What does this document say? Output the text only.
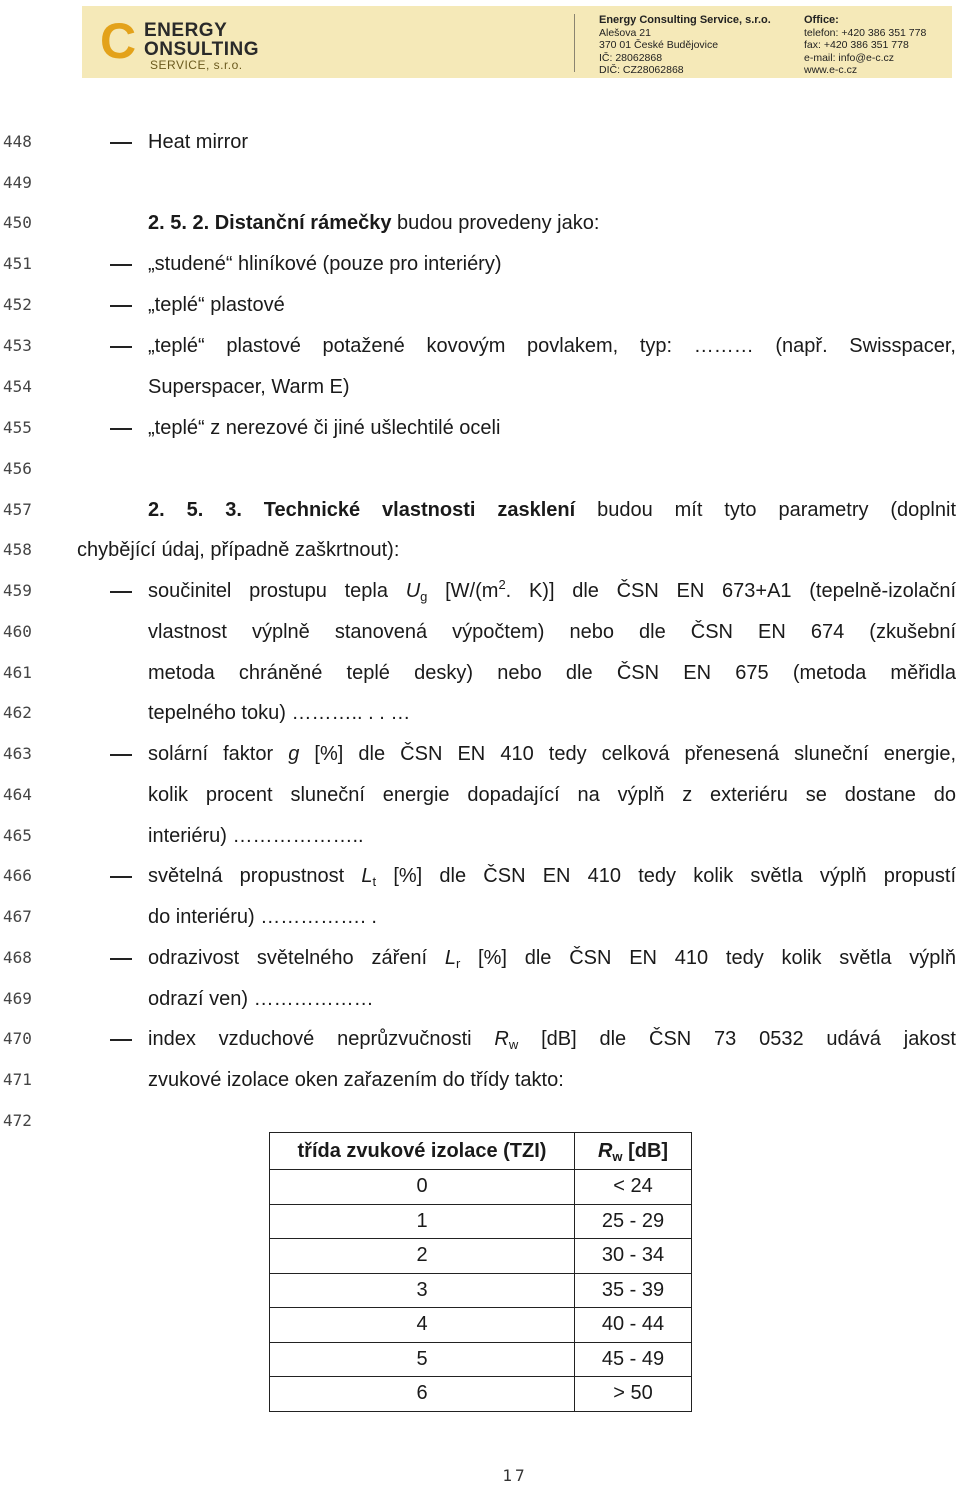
C ENERGY
ONSULTING
SERVICE, s.r.o.
Energy Consulting Service, s.r.o.
Alešova 21
370 01 České Budějovice
IČ: 28062868
DIČ: CZ28062868
Office:
telefon: +420 386 351 778
fax: +420 386 351 778
e-mail: info@e-c.cz
www.e-c.cz
448
449
450
451
452
453
454
455
456
457
458
459
460
461
462
463
464
465
466
467
468
469
470
471
472
Heat mirror
2. 5. 2. Distanční rámečky budou provedeny jako:
„studené“ hliníkové (pouze pro interiéry)
„teplé“ plastové
„teplé“ plastové potažené kovovým povlakem, typ: ……… (např. Swisspacer,
Superspacer, Warm E)
„teplé“ z nerezové či jiné ušlechtilé oceli
2. 5. 3. Technické vlastnosti zasklení budou mít tyto parametry (doplnit
chybějící údaj, případně zaškrtnout):
součinitel prostupu tepla $U_g$ [$W/(m^2$. K)] dle ČSN EN 673+A1 (tepelně-izolační
vlastnost výplně stanovená výpočtem) nebo dle ČSN EN 674 (zkušební
metoda chráněné teplé desky) nebo dle ČSN EN 675 (metoda měřidla
tepelného toku) ……….. . . …
solární faktor g [%] dle ČSN EN 410 tedy celková přenesená sluneční energie,
kolik procent sluneční energie dopadající na výplň z exteriéru se dostane do
interiéru) ………………..
světelná propustnost $L_t$ [%] dle ČSN EN 410 tedy kolik světla výplň propustí
do interiéru) ……………. .
odrazivost světelného záření $L_r$ [%] dle ČSN EN 410 tedy kolik světla výplň
odrazí ven) ………………
index vzduchové neprůzvučnosti $R_w$ [dB] dle ČSN 73 0532 udává jakost
zvukové izolace oken zařazením do třídy takto:
třída zvukové izolace (TZI)	$R_w$ [dB]
0	< 24
1	25 - 29
2	30 - 34
3	35 - 39
4	40 - 44
5	45 - 49
6	> 50
17
